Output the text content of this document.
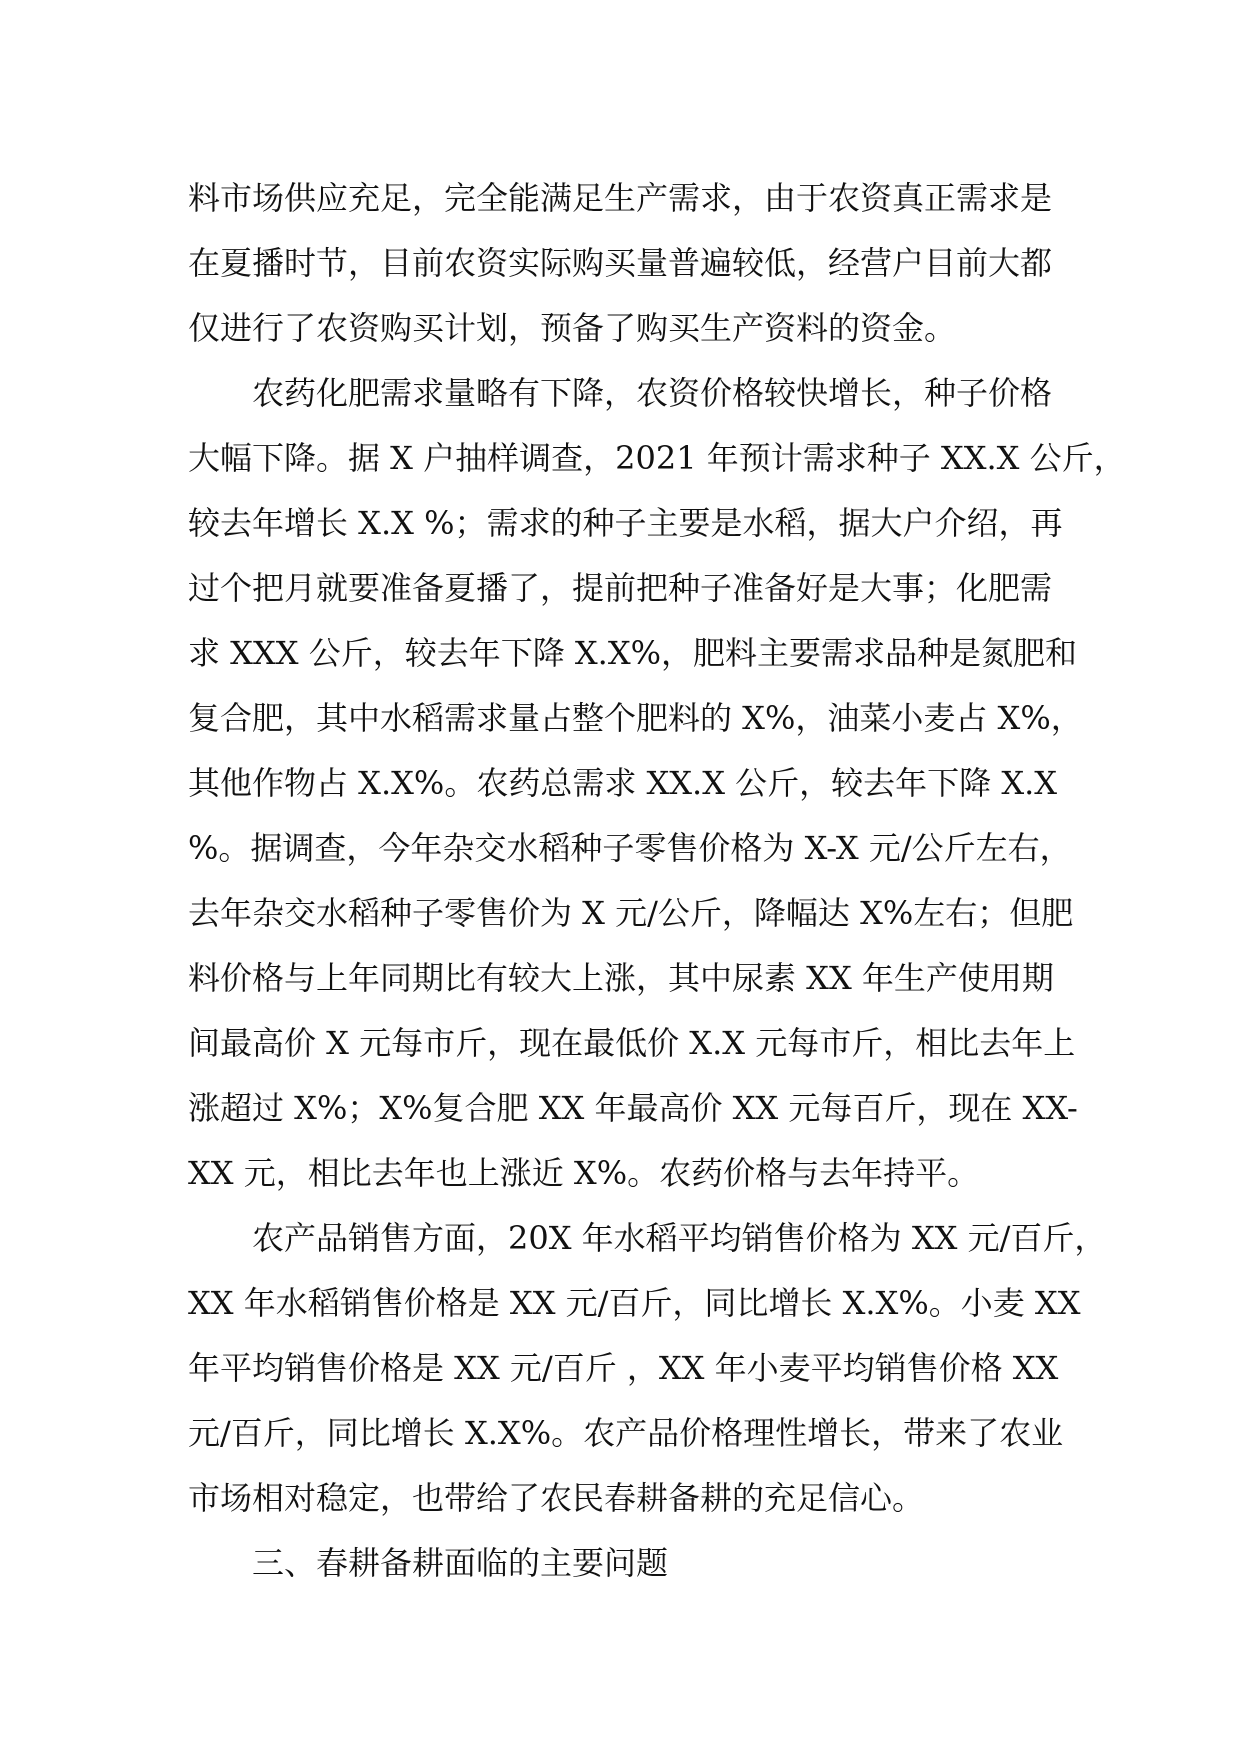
料市场供应充足，完全能满足生产需求，由于农资真正需求是
在夏播时节，目前农资实际购买量普遍较低，经营户目前大都
仅进行了农资购买计划，预备了购买生产资料的资金。
农药化肥需求量略有下降，农资价格较快增长，种子价格
大幅下降。据 X 户抽样调查，2021 年预计需求种子 XX.X 公斤，
较去年增长 X.X %；需求的种子主要是水稻，据大户介绍，再
过个把月就要准备夏播了，提前把种子准备好是大事；化肥需
求 XXX 公斤，较去年下降 X.X%，肥料主要需求品种是氮肥和
复合肥，其中水稻需求量占整个肥料的 X%，油菜小麦占 X%，
其他作物占 X.X%。农药总需求 XX.X 公斤，较去年下降 X.X
%。据调查，今年杂交水稻种子零售价格为 X-X 元/公斤左右，
去年杂交水稻种子零售价为 X 元/公斤，降幅达 X%左右；但肥
料价格与上年同期比有较大上涨，其中尿素 XX 年生产使用期
间最高价 X 元每市斤，现在最低价 X.X 元每市斤，相比去年上
涨超过 X%；X%复合肥 XX 年最高价 XX 元每百斤，现在 XX-
XX 元，相比去年也上涨近 X%。农药价格与去年持平。
农产品销售方面，20X 年水稻平均销售价格为 XX 元/百斤，
XX 年水稻销售价格是 XX 元/百斤，同比增长 X.X%。小麦 XX
年平均销售价格是 XX 元/百斤 ，XX 年小麦平均销售价格 XX
元/百斤，同比增长 X.X%。农产品价格理性增长，带来了农业
市场相对稳定，也带给了农民春耕备耕的充足信心。
三、春耕备耕面临的主要问题
